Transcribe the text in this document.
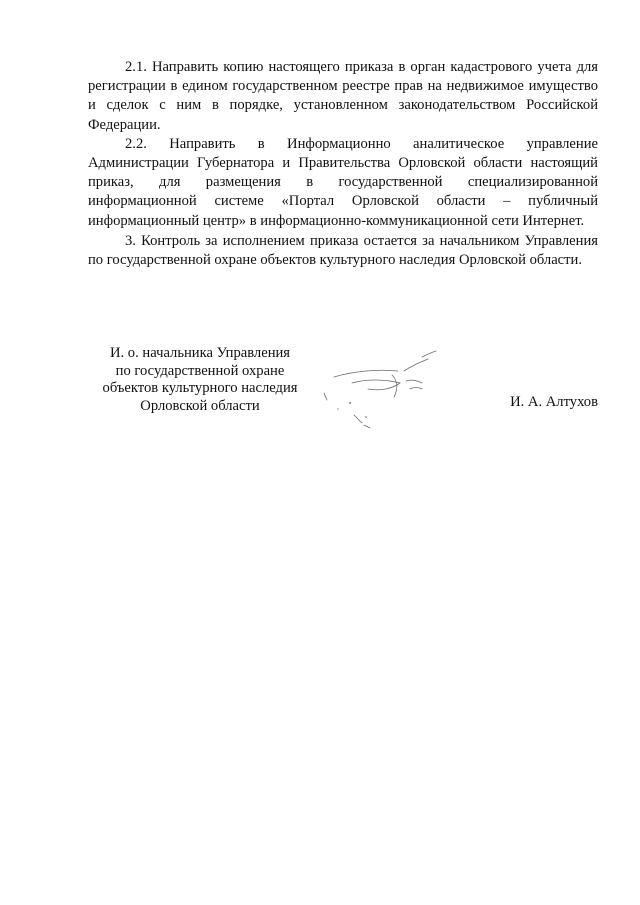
2.1. Направить копию настоящего приказа в орган кадастрового учета для регистрации в едином государственном реестре прав на недвижимое имущество и сделок с ним в порядке, установленном законодательством Российской Федерации.

2.2. Направить в Информационно аналитическое управление Администрации Губернатора и Правительства Орловской области настоящий приказ, для размещения в государственной специализированной информационной системе «Портал Орловской области – публичный информационный центр» в информационно-коммуникационной сети Интернет.

3. Контроль за исполнением приказа остается за начальником Управления по государственной охране объектов культурного наследия Орловской области.

И. о. начальника Управления
по государственной охране
объектов культурного наследия
Орловской области	И. А. Алтухов
